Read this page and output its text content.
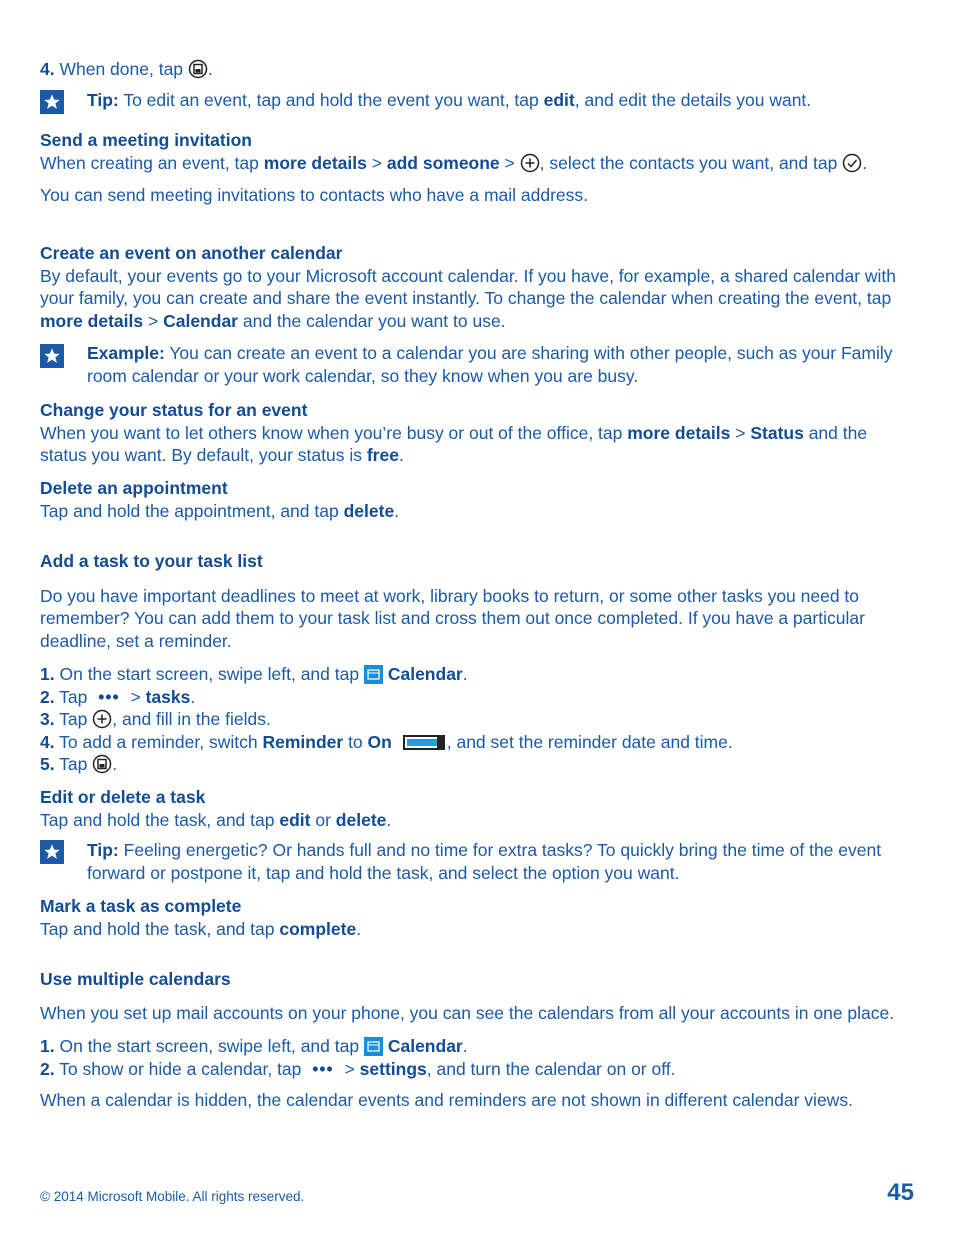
4. When done, tap .
Tip: To edit an event, tap and hold the event you want, tap edit, and edit the details you want.
Send a meeting invitation
When creating an event, tap more details > add someone > , select the contacts you want, and tap .
You can send meeting invitations to contacts who have a mail address.
Create an event on another calendar
By default, your events go to your Microsoft account calendar. If you have, for example, a shared calendar with your family, you can create and share the event instantly. To change the calendar when creating the event, tap more details > Calendar and the calendar you want to use.
Example: You can create an event to a calendar you are sharing with other people, such as your Family room calendar or your work calendar, so they know when you are busy.
Change your status for an event
When you want to let others know when you’re busy or out of the office, tap more details > Status and the status you want. By default, your status is free.
Delete an appointment
Tap and hold the appointment, and tap delete.
Add a task to your task list
Do you have important deadlines to meet at work, library books to return, or some other tasks you need to remember? You can add them to your task list and cross them out once completed. If you have a particular deadline, set a reminder.
1. On the start screen, swipe left, and tap Calendar.
2. Tap ••• > tasks.
3. Tap , and fill in the fields.
4. To add a reminder, switch Reminder to On	, and set the reminder date and time.
5. Tap .
Edit or delete a task
Tap and hold the task, and tap edit or delete.
Tip: Feeling energetic? Or hands full and no time for extra tasks? To quickly bring the time of the event forward or postpone it, tap and hold the task, and select the option you want.
Mark a task as complete
Tap and hold the task, and tap complete.
Use multiple calendars
When you set up mail accounts on your phone, you can see the calendars from all your accounts in one place.
1. On the start screen, swipe left, and tap Calendar.
2. To show or hide a calendar, tap ••• > settings, and turn the calendar on or off.
When a calendar is hidden, the calendar events and reminders are not shown in different calendar views.
© 2014 Microsoft Mobile. All rights reserved.	45
